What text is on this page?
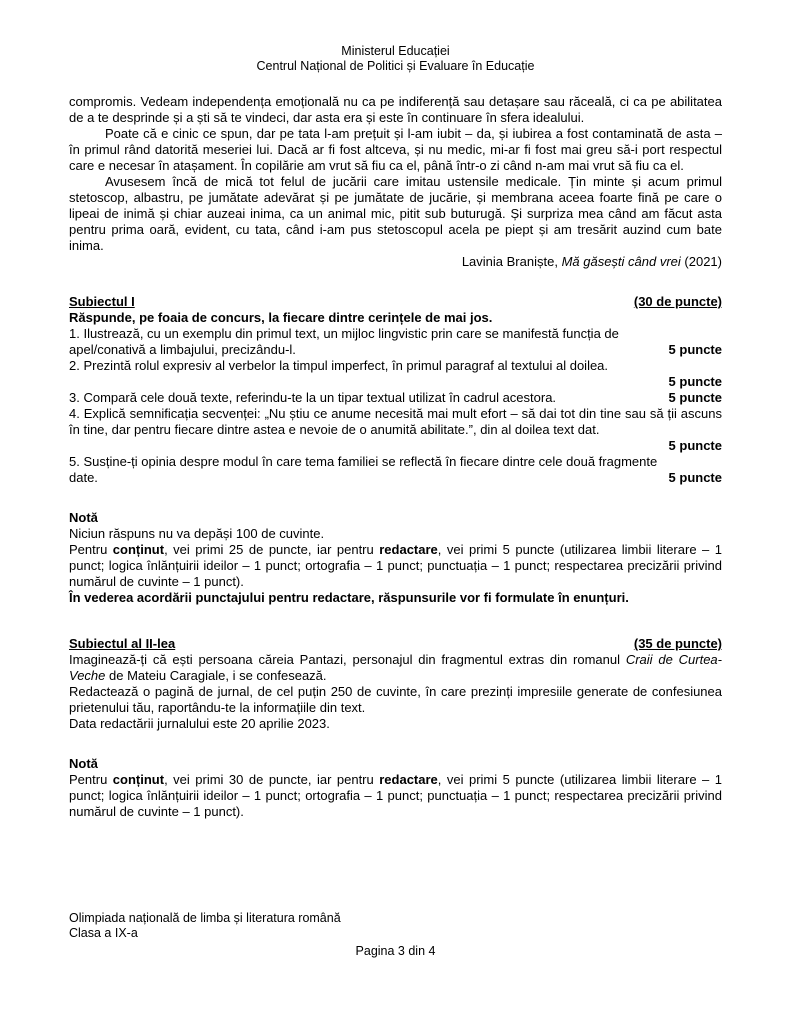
Ministerul Educației
Centrul Național de Politici și Evaluare în Educație

compromis. Vedeam independența emoțională nu ca pe indiferență sau detașare sau răceală, ci ca pe abilitatea de a te desprinde și a ști să te vindeci, dar asta era și este în continuare în sfera idealului.

Poate că e cinic ce spun, dar pe tata l-am prețuit și l-am iubit – da, și iubirea a fost contaminată de asta – în primul rând datorită meseriei lui. Dacă ar fi fost altceva, și nu medic, mi-ar fi fost mai greu să-i port respectul care e necesar în atașament. În copilărie am vrut să fiu ca el, până într-o zi când n-am mai vrut să fiu ca el.

Avusesem încă de mică tot felul de jucării care imitau ustensile medicale. Țin minte și acum primul stetoscop, albastru, pe jumătate adevărat și pe jumătate de jucărie, și membrana aceea foarte fină pe care o lipeai de inimă și chiar auzeai inima, ca un animal mic, pitit sub buturugă. Și surpriza mea când am făcut asta pentru prima oară, evident, cu tata, când i-am pus stetoscopul acela pe piept și am tresărit auzind cum bate inima.

Lavinia Braniște, Mă găsești când vrei (2021)

Subiectul I	(30 de puncte)

Răspunde, pe foaia de concurs, la fiecare dintre cerințele de mai jos.

1. Ilustrează, cu un exemplu din primul text, un mijloc lingvistic prin care se manifestă funcția de

apel/conativă a limbajului, precizându-l.	5 puncte

2. Prezintă rolul expresiv al verbelor la timpul imperfect, în primul paragraf al textului al doilea.

5 puncte

3. Compară cele două texte, referindu-te la un tipar textual utilizat în cadrul acestora.	5 puncte

4. Explică semnificația secvenței: „Nu știu ce anume necesită mai mult efort – să dai tot din tine sau să ții ascuns în tine, dar pentru fiecare dintre astea e nevoie de o anumită abilitate.”, din al doilea text dat.

5 puncte

5. Susține-ți opinia despre modul în care tema familiei se reflectă în fiecare dintre cele două fragmente

date.	5 puncte

Notă

Niciun răspuns nu va depăși 100 de cuvinte.

Pentru conținut, vei primi 25 de puncte, iar pentru redactare, vei primi 5 puncte (utilizarea limbii literare – 1 punct; logica înlănțuirii ideilor – 1 punct; ortografia – 1 punct; punctuația – 1 punct; respectarea precizării privind numărul de cuvinte – 1 punct).

În vederea acordării punctajului pentru redactare, răspunsurile vor fi formulate în enunțuri.

Subiectul al II-lea	(35 de puncte)

Imaginează-ți că ești persoana căreia Pantazi, personajul din fragmentul extras din romanul Craii de Curtea-Veche de Mateiu Caragiale, i se confesează.

Redactează o pagină de jurnal, de cel puțin 250 de cuvinte, în care prezinți impresiile generate de confesiunea prietenului tău, raportându-te la informațiile din text.

Data redactării jurnalului este 20 aprilie 2023.

Notă

Pentru conținut, vei primi 30 de puncte, iar pentru redactare, vei primi 5 puncte (utilizarea limbii literare – 1 punct; logica înlănțuirii ideilor – 1 punct; ortografia – 1 punct; punctuația – 1 punct; respectarea precizării privind numărul de cuvinte – 1 punct).

Olimpiada națională de limba și literatura română
Clasa a IX-a
Pagina 3 din 4
